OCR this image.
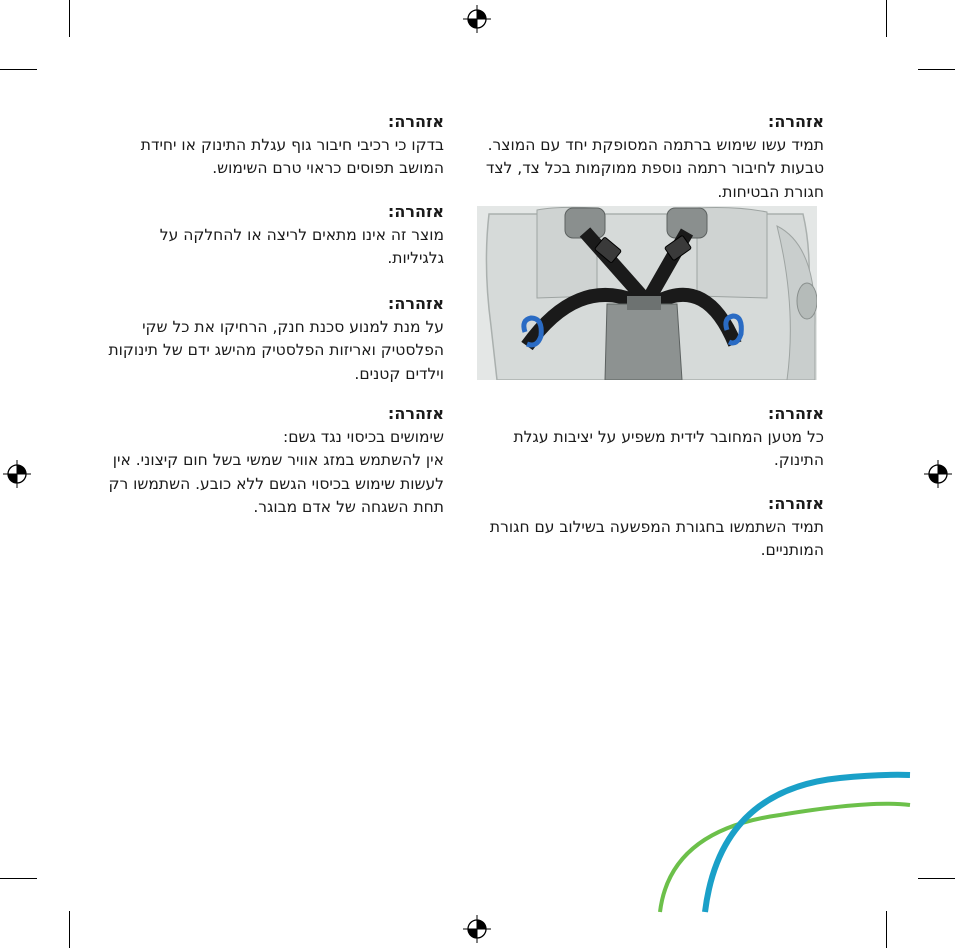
אזהרה:
תמיד עשו שימוש ברתמה המסופקת יחד עם המוצר. טבעות לחיבור רתמה נוספת ממוקמות בכל צד, לצד חגורת הבטיחות.
אזהרה:
כל מטען המחובר לידית משפיע על יציבות עגלת התינוק.
אזהרה:
תמיד השתמשו בחגורת המפשעה בשילוב עם חגורת המותניים.
אזהרה:
בדקו כי רכיבי חיבור גוף עגלת התינוק או יחידת המושב תפוסים כראוי טרם השימוש.
אזהרה:
מוצר זה אינו מתאים לריצה או להחלקה על גלגיליות.
אזהרה:
על מנת למנוע סכנת חנק, הרחיקו את כל שקי הפלסטיק ואריזות הפלסטיק מהישג ידם של תינוקות וילדים קטנים.
אזהרה:
שימושים בכיסוי נגד גשם:
אין להשתמש במזג אוויר שמשי בשל חום קיצוני. אין לעשות שימוש בכיסוי הגשם ללא כובע. השתמשו רק תחת השגחה של אדם מבוגר.
